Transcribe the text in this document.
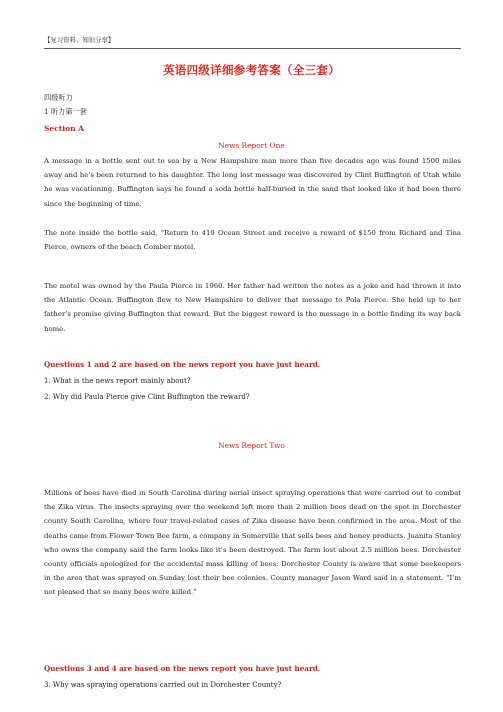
【复习资料、知识分享】
英语四级详细参考答案（全三套）
四级听力
1 听力第一套
Section A
News Report One

A message in a bottle sent out to sea by a New Hampshire man more than five decades ago was found 1500 miles away and he’s been returned to his daughter. The long lost message was discovered by Clint Buffington of Utah while he was vacationing. Buffington says he found a soda bottle half-buried in the sand that looked like it had been there since the beginning of time.

The note inside the bottle said, “Return to 419 Ocean Street and receive a reward of $150 from Richard and Tina Pierce, owners of the beach Comber motel.

The motel was owned by the Paula Pierce in 1960. Her father had written the notes as a joke and had thrown it into the Atlantic Ocean. Buffington flew to New Hampshire to deliver that message to Pola Pierce. She held up to her father’s promise giving Buffington that reward. But the biggest reward is the message in a bottle finding its way back home.

Questions 1 and 2 are based on the news report you have just heard.
1. What is the news report mainly about?
2. Why did Paula Pierce give Clint Buffington the reward?
News Report Two

Millions of bees have died in South Carolina during aerial insect spraying operations that were carried out to combat the Zika virus. The insects spraying over the weekend left more than 2 million bees dead on the spot in Dorchester county South Carolina, where four travel-related cases of Zika disease have been confirmed in the area. Most of the deaths came from Flower Town Bee farm, a company in Somerville that sells bees and honey products. Juanita Stanley who owns the company said the farm looks like it’s been destroyed. The farm lost about 2.5 million bees. Dorchester county officials apologized for the accidental mass killing of bees. Dorchester County is aware that some beekeepers in the area that was sprayed on Sunday lost their bee colonies. County manager Jason Ward said in a statement. “I’m not pleased that so many bees were killed.”

Questions 3 and 4 are based on the news report you have just heard.
3. Why was spraying operations carried out in Dorchester County?
